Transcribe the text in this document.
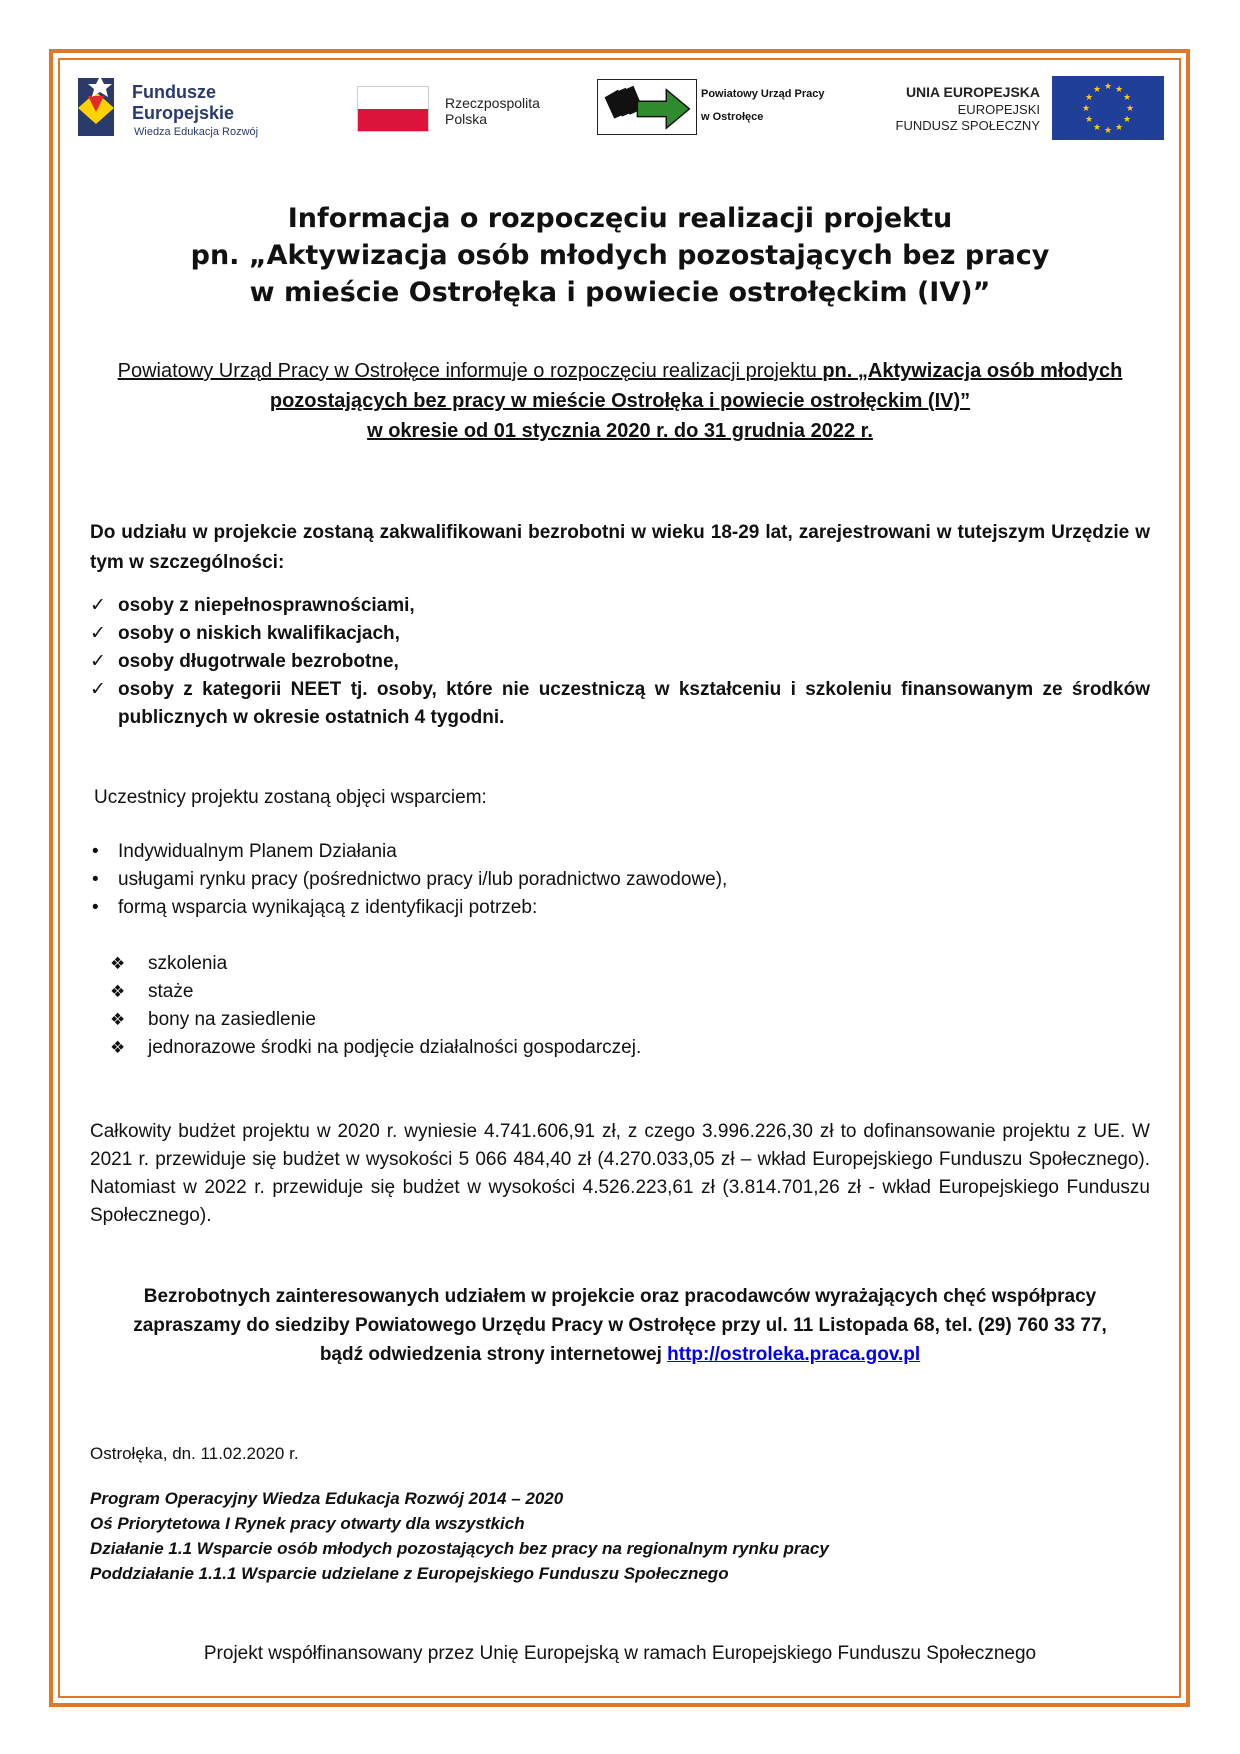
Fundusze
Europejskie
Wiedza Edukacja Rozwój
Rzeczpospolita
Polska
Powiatowy Urząd Pracy
w Ostrołęce
UNIA EUROPEJSKA
EUROPEJSKI
FUNDUSZ SPOŁECZNY
★ ★
★
★
★
★
★
★
★
★
★
★
Informacja o rozpoczęciu realizacji projektu
pn. „Aktywizacja osób młodych pozostających bez pracy
w mieście Ostrołęka i powiecie ostrołęckim (IV)”
Powiatowy Urząd Pracy w Ostrołęce informuje o rozpoczęciu realizacji projektu pn. „Aktywizacja osób młodych pozostających bez pracy w mieście Ostrołęka i powiecie ostrołęckim (IV)”
w okresie od 01 stycznia 2020 r. do 31 grudnia 2022 r.
Do udziału w projekcie zostaną zakwalifikowani bezrobotni w wieku 18-29 lat, zarejestrowani w tutejszym Urzędzie w tym w szczególności:
✓ osoby z niepełnosprawnościami,
✓ osoby o niskich kwalifikacjach,
✓ osoby długotrwale bezrobotne,
✓ osoby z kategorii NEET tj. osoby, które nie uczestniczą w kształceniu i szkoleniu finansowanym ze środków publicznych w okresie ostatnich 4 tygodni.
Uczestnicy projektu zostaną objęci wsparciem:
• Indywidualnym Planem Działania
• usługami rynku pracy (pośrednictwo pracy i/lub poradnictwo zawodowe),
• formą wsparcia wynikającą z identyfikacji potrzeb:
❖ szkolenia
❖ staże
❖ bony na zasiedlenie
❖ jednorazowe środki na podjęcie działalności gospodarczej.
Całkowity budżet projektu w 2020 r. wyniesie 4.741.606,91 zł, z czego 3.996.226,30 zł to dofinansowanie projektu z UE. W 2021 r. przewiduje się budżet w wysokości 5 066 484,40 zł (4.270.033,05 zł – wkład Europejskiego Funduszu Społecznego). Natomiast w 2022 r. przewiduje się budżet w wysokości 4.526.223,61 zł (3.814.701,26 zł - wkład Europejskiego Funduszu Społecznego).
Bezrobotnych zainteresowanych udziałem w projekcie oraz pracodawców wyrażających chęć współpracy
zapraszamy do siedziby Powiatowego Urzędu Pracy w Ostrołęce przy ul. 11 Listopada 68, tel. (29) 760 33 77,
bądź odwiedzenia strony internetowej http://ostroleka.praca.gov.pl
Ostrołęka, dn. 11.02.2020 r.
Program Operacyjny Wiedza Edukacja Rozwój 2014 – 2020
Oś Priorytetowa I Rynek pracy otwarty dla wszystkich
Działanie 1.1 Wsparcie osób młodych pozostających bez pracy na regionalnym rynku pracy
Poddziałanie 1.1.1 Wsparcie udzielane z Europejskiego Funduszu Społecznego
Projekt współfinansowany przez Unię Europejską w ramach Europejskiego Funduszu Społecznego
